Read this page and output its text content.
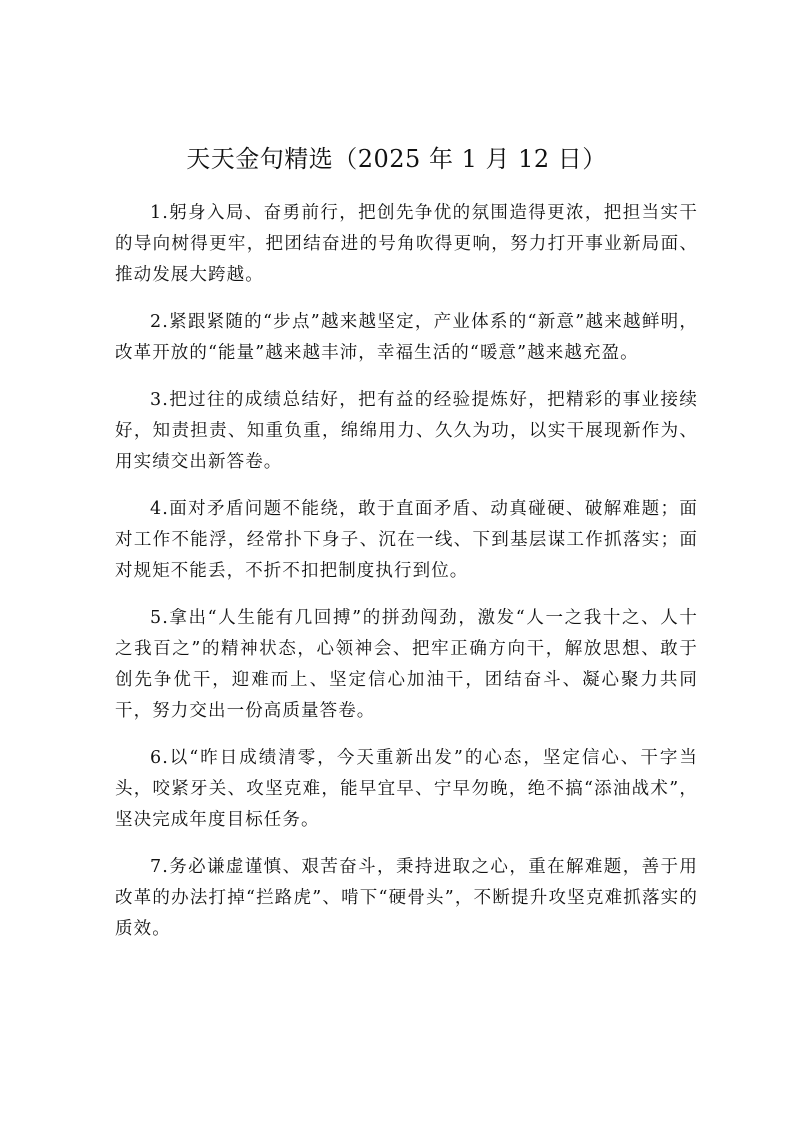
天天金句精选（2025 年 1 月 12 日）

1.躬身入局、奋勇前行，把创先争优的氛围造得更浓，把担当实干的导向树得更牢，把团结奋进的号角吹得更响，努力打开事业新局面、推动发展大跨越。

2.紧跟紧随的“步点”越来越坚定，产业体系的“新意”越来越鲜明，改革开放的“能量”越来越丰沛，幸福生活的“暖意”越来越充盈。

3.把过往的成绩总结好，把有益的经验提炼好，把精彩的事业接续好，知责担责、知重负重，绵绵用力、久久为功，以实干展现新作为、用实绩交出新答卷。

4.面对矛盾问题不能绕，敢于直面矛盾、动真碰硬、破解难题；面对工作不能浮，经常扑下身子、沉在一线、下到基层谋工作抓落实；面对规矩不能丢，不折不扣把制度执行到位。

5.拿出“人生能有几回搏”的拼劲闯劲，激发“人一之我十之、人十之我百之”的精神状态，心领神会、把牢正确方向干，解放思想、敢于创先争优干，迎难而上、坚定信心加油干，团结奋斗、凝心聚力共同干，努力交出一份高质量答卷。

6.以“昨日成绩清零，今天重新出发”的心态，坚定信心、干字当头，咬紧牙关、攻坚克难，能早宜早、宁早勿晚，绝不搞“添油战术”，坚决完成年度目标任务。

7.务必谦虚谨慎、艰苦奋斗，秉持进取之心，重在解难题，善于用改革的办法打掉“拦路虎”、啃下“硬骨头”，不断提升攻坚克难抓落实的质效。
